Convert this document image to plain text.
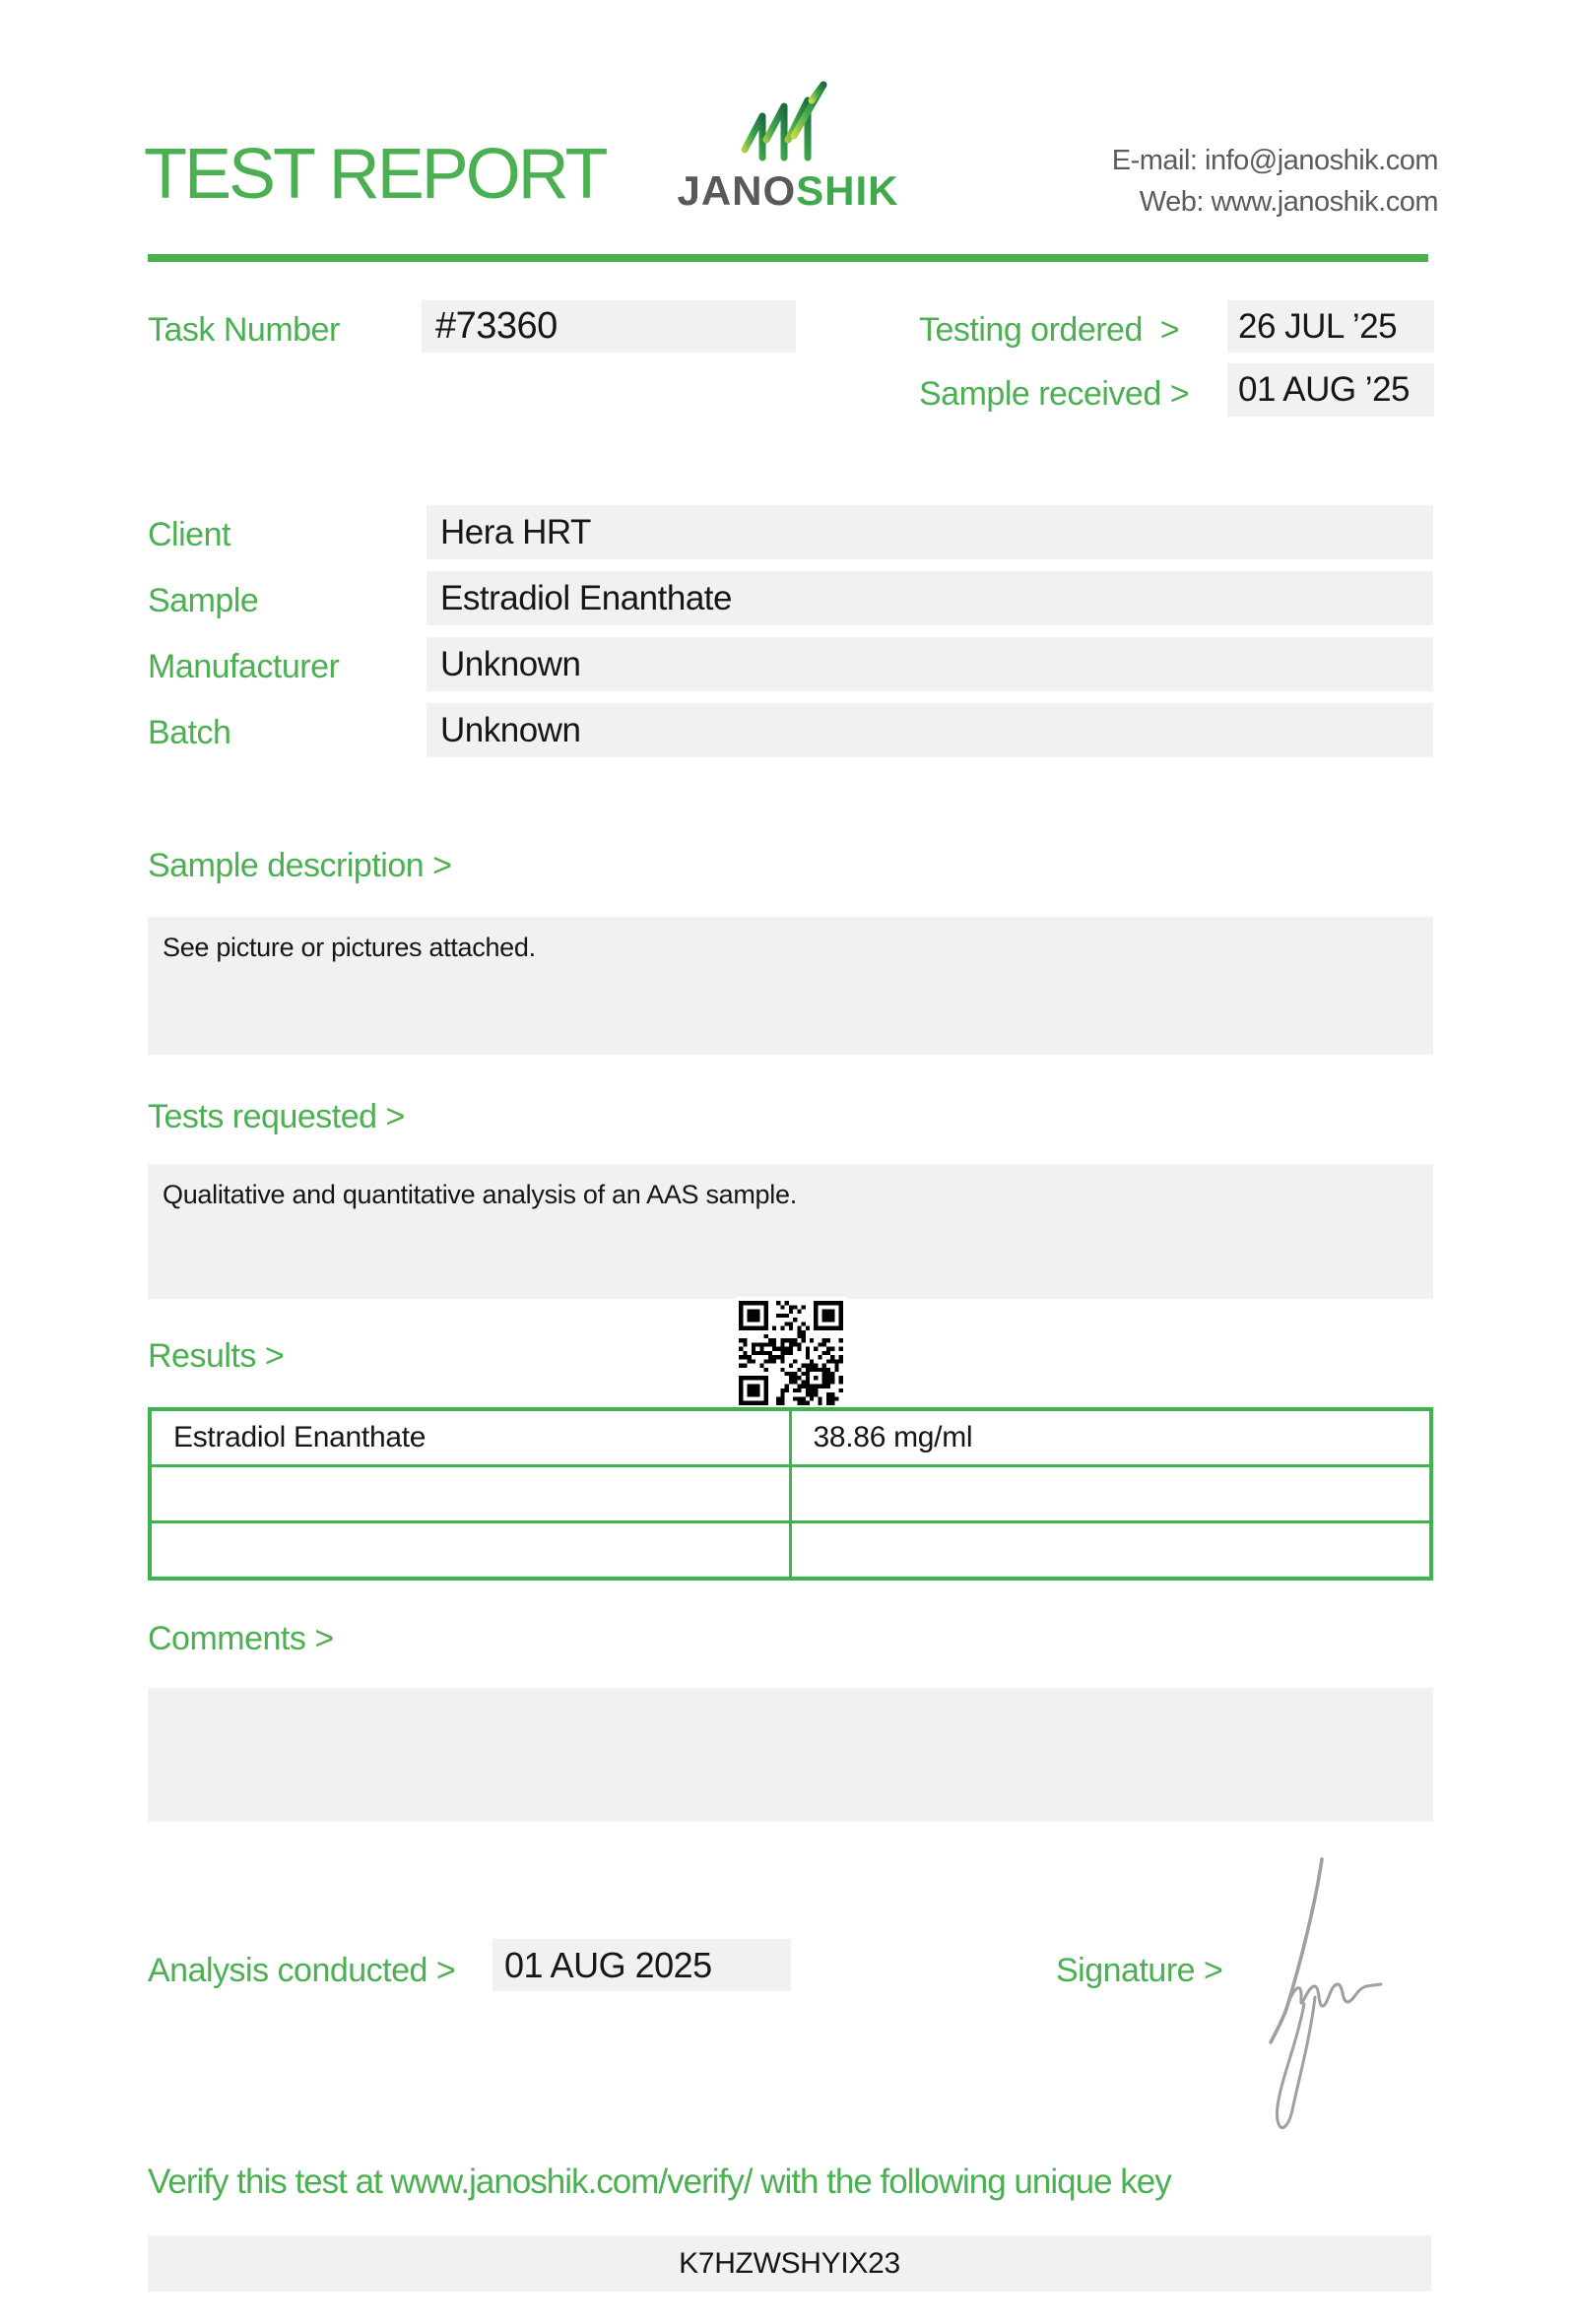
TEST REPORT	JANOSHIK
E-mail: info@janoshik.com
Web: www.janoshik.com
Task Number	#73360	Testing ordered >	26 JUL ’25
Sample received >	01 AUG ’25
Client	Hera HRT
Sample	Estradiol Enanthate
Manufacturer	Unknown
Batch	Unknown
Sample description >
See picture or pictures attached.
Tests requested >
Qualitative and quantitative analysis of an AAS sample.
Results >
Estradiol Enanthate	38.86 mg/ml

Comments >
Analysis conducted >	01 AUG 2025	Signature >
Verify this test at www.janoshik.com/verify/ with the following unique key
K7HZWSHYIX23
